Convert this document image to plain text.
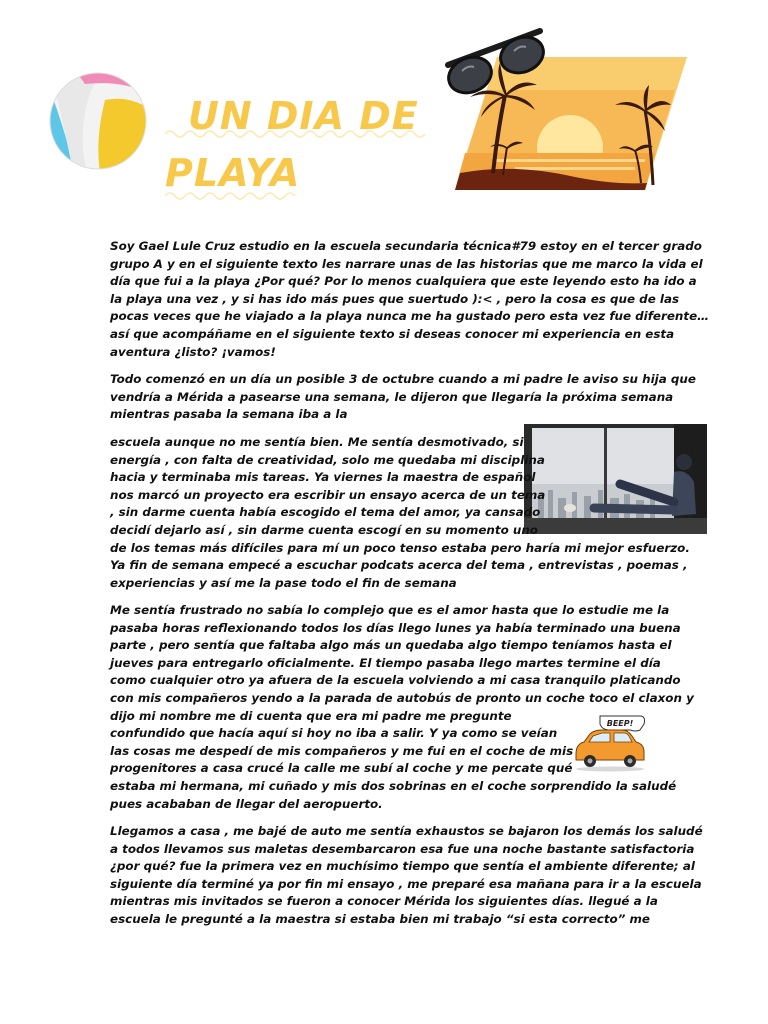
UN DIA DE
PLAYA

Soy Gael Lule Cruz estudio en la escuela secundaria técnica#79 estoy en el tercer grado
grupo A y en el siguiente texto les narrare unas de las historias que me marco la vida el
día que fui a la playa ¿Por qué? Por lo menos cualquiera que este leyendo esto ha ido a
la playa una vez , y si has ido más pues que suertudo ):< , pero la cosa es que de las
pocas veces que he viajado a la playa nunca me ha gustado pero esta vez fue diferente…
así que acompáñame en el siguiente texto si deseas conocer mi experiencia en esta
aventura ¿listo? ¡vamos!

Todo comenzó en un día un posible 3 de octubre cuando a mi padre le aviso su hija que
vendría a Mérida a pasearse una semana, le dijeron que llegaría la próxima semana
mientras pasaba la semana iba a la

escuela aunque no me sentía bien. Me sentía desmotivado, si
energía , con falta de creatividad, solo me quedaba mi disciplina
hacia y terminaba mis tareas. Ya viernes la maestra de español
nos marcó un proyecto era escribir un ensayo acerca de un tema
, sin darme cuenta había escogido el tema del amor, ya cansado
decidí dejarlo así , sin darme cuenta escogí en su momento uno
de los temas más difíciles para mí un poco tenso estaba pero haría mi mejor esfuerzo.
Ya fin de semana empecé a escuchar podcats acerca del tema , entrevistas , poemas ,
experiencias y así me la pase todo el fin de semana

Me sentía frustrado no sabía lo complejo que es el amor hasta que lo estudie me la
pasaba horas reflexionando todos los días llego lunes ya había terminado una buena
parte , pero sentía que faltaba algo más un quedaba algo tiempo teníamos hasta el
jueves para entregarlo oficialmente. El tiempo pasaba llego martes termine el día
como cualquier otro ya afuera de la escuela volviendo a mi casa tranquilo platicando
con mis compañeros yendo a la parada de autobús de pronto un coche toco el claxon y
dijo mi nombre me di cuenta que era mi padre me pregunte
confundido que hacía aquí si hoy no iba a salir. Y ya como se veían
las cosas me despedí de mis compañeros y me fui en el coche de mis
progenitores a casa crucé la calle me subí al coche y me percate qué
estaba mi hermana, mi cuñado y mis dos sobrinas en el coche sorprendido la saludé
pues acababan de llegar del aeropuerto.

BEEP!

Llegamos a casa , me bajé de auto me sentía exhaustos se bajaron los demás los saludé
a todos llevamos sus maletas desembarcaron esa fue una noche bastante satisfactoria
¿por qué? fue la primera vez en muchísimo tiempo que sentía el ambiente diferente; al
siguiente día terminé ya por fin mi ensayo , me preparé esa mañana para ir a la escuela
mientras mis invitados se fueron a conocer Mérida los siguientes días. llegué a la
escuela le pregunté a la maestra si estaba bien mi trabajo “si esta correcto” me
